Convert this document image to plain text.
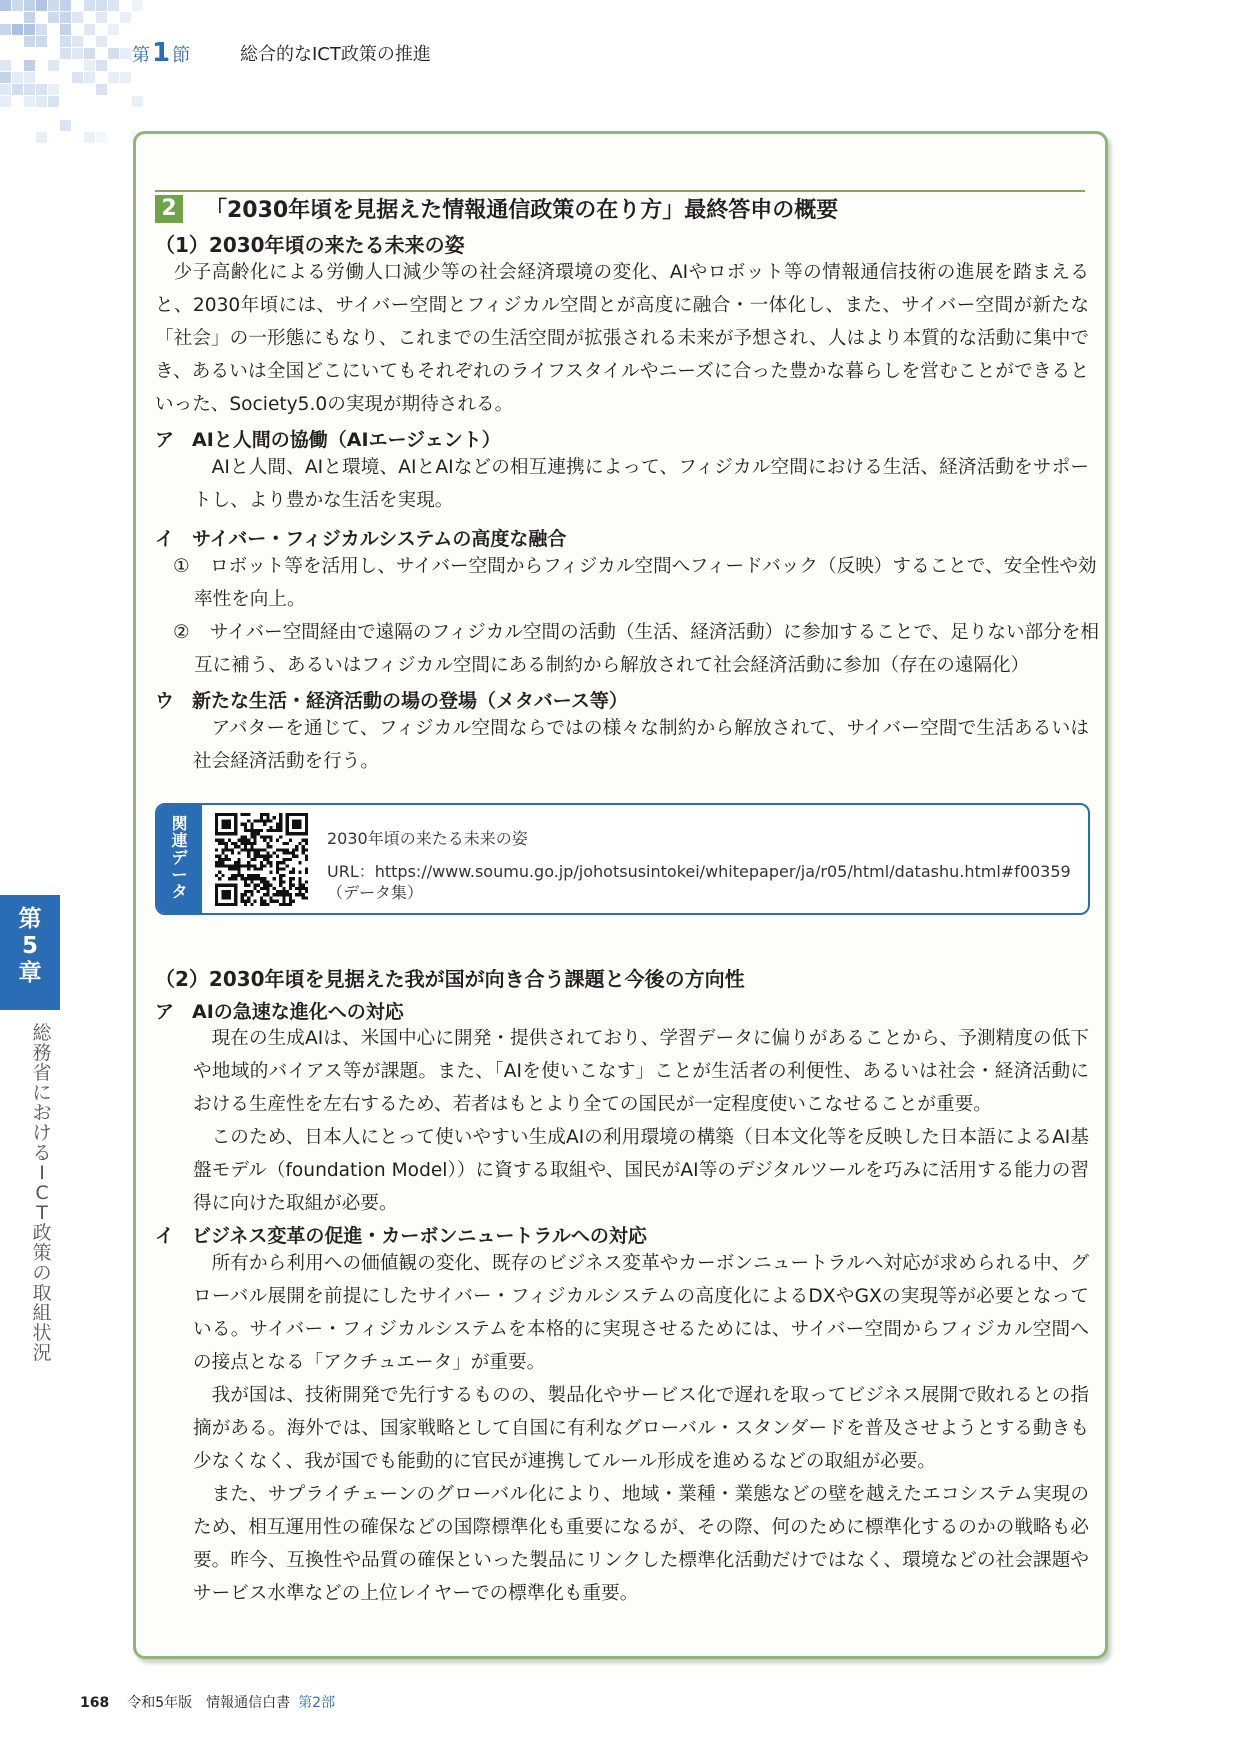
第1 節	総合的なICT政策の推進
2 「2030年頃を見据えた情報通信政策の在り方」最終答申の概要
（1）2030年頃の来たる未来の姿

少子高齢化による労働人口減少等の社会経済環境の変化、AIやロボット等の情報通信技術の進展を踏まえると、2030年頃には、サイバー空間とフィジカル空間とが高度に融合・一体化し、また、サイバー空間が新たな「社会」の一形態にもなり、これまでの生活空間が拡張される未来が予想され、人はより本質的な活動に集中でき、あるいは全国どこにいてもそれぞれのライフスタイルやニーズに合った豊かな暮らしを営むことができるといった、Society5.0の実現が期待される。

ア AIと人間の協働（AIエージェント）

AIと人間、AIと環境、AIとAIなどの相互連携によって、フィジカル空間における生活、経済活動をサポートし、より豊かな生活を実現。

イ サイバー・フィジカルシステムの高度な融合

① ロボット等を活用し、サイバー空間からフィジカル空間へフィードバック（反映）することで、安全性や効率性を向上。

② サイバー空間経由で遠隔のフィジカル空間の活動（生活、経済活動）に参加することで、足りない部分を相互に補う、あるいはフィジカル空間にある制約から解放されて社会経済活動に参加（存在の遠隔化）

ウ 新たな生活・経済活動の場の登場（メタバース等）

アバターを通じて、フィジカル空間ならではの様々な制約から解放されて、サイバー空間で生活あるいは社会経済活動を行う。

関
連
デ
ー
タ
2030年頃の来たる未来の姿
URL：https://www.soumu.go.jp/johotsusintokei/whitepaper/ja/r05/html/datashu.html#f00359
（データ集）
（2）2030年頃を見据えた我が国が向き合う課題と今後の方向性
ア AIの急速な進化への対応

現在の生成AIは、米国中心に開発・提供されており、学習データに偏りがあることから、予測精度の低下や地域的バイアス等が課題。また、「AIを使いこなす」ことが生活者の利便性、あるいは社会・経済活動における生産性を左右するため、若者はもとより全ての国民が一定程度使いこなせることが重要。

このため、日本人にとって使いやすい生成AIの利用環境の構築（日本文化等を反映した日本語によるAI基盤モデル（foundation Model））に資する取組や、国民がAI等のデジタルツールを巧みに活用する能力の習得に向けた取組が必要。

イ ビジネス変革の促進・カーボンニュートラルへの対応

所有から利用への価値観の変化、既存のビジネス変革やカーボンニュートラルへ対応が求められる中、グローバル展開を前提にしたサイバー・フィジカルシステムの高度化によるDXやGXの実現等が必要となっている。サイバー・フィジカルシステムを本格的に実現させるためには、サイバー空間からフィジカル空間への接点となる「アクチュエータ」が重要。

我が国は、技術開発で先行するものの、製品化やサービス化で遅れを取ってビジネス展開で敗れるとの指摘がある。海外では、国家戦略として自国に有利なグローバル・スタンダードを普及させようとする動きも少なくなく、我が国でも能動的に官民が連携してルール形成を進めるなどの取組が必要。

また、サプライチェーンのグローバル化により、地域・業種・業態などの壁を越えたエコシステム実現のため、相互運用性の確保などの国際標準化も重要になるが、その際、何のために標準化するのかの戦略も必要。昨今、互換性や品質の確保といった製品にリンクした標準化活動だけではなく、環境などの社会課題やサービス水準などの上位レイヤーでの標準化も重要。

第
5
章
総
務
省
に
お
け
る
I
C
T
政
策
の
取
組
状
況
168 令和5年版　情報通信白書 第2部
